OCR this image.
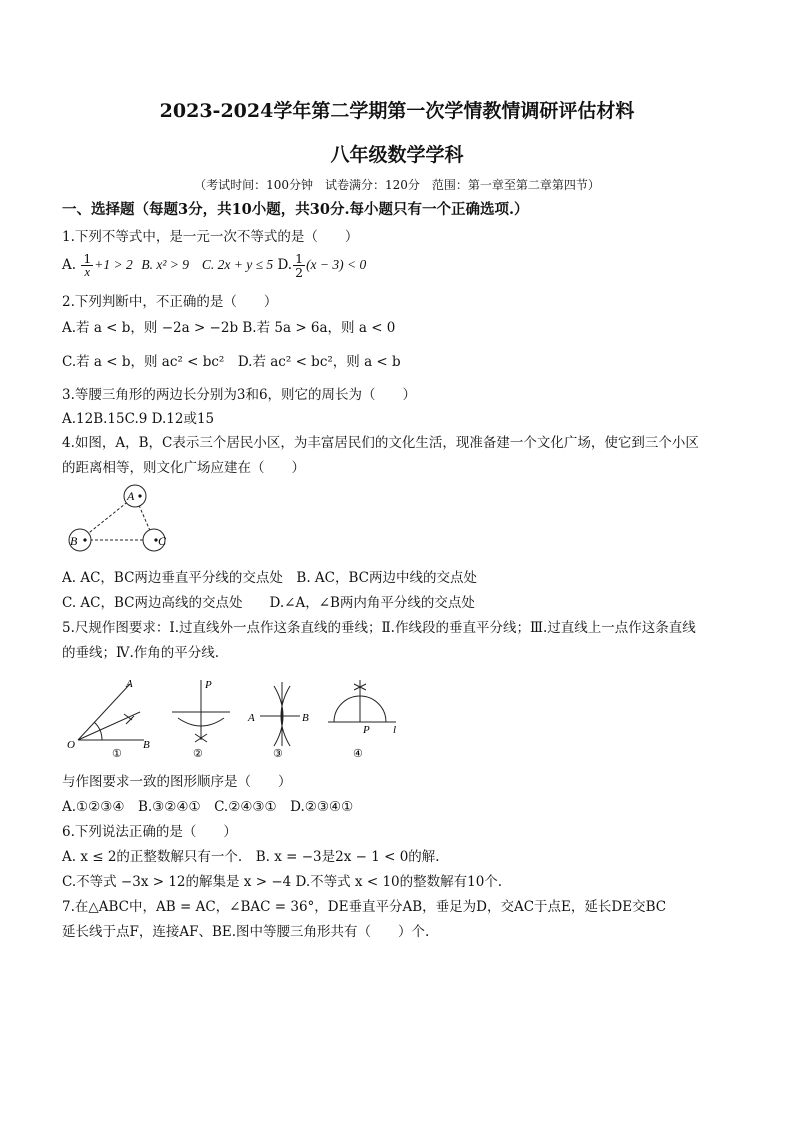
2023-2024学年第二学期第一次学情教情调研评估材料
八年级数学学科
（考试时间：100分钟　试卷满分：120分　范围：第一章至第二章第四节）
一、选择题（每题3分，共10小题，共30分.每小题只有一个正确选项.）
1.下列不等式中，是一元一次不等式的是（　　）
A. $\frac{1}{x} +1 > 2$ B. x² > 9 C. 2x + y ≤ 5 D. $\frac{1}{2} (x - 3) < 0$
2.下列判断中，不正确的是（　　）
A.若 a < b，则 −2a > −2b B.若 5a > 6a，则 a < 0
C.若 a < b，则 ac² < bc²　D.若 ac² < bc²，则 a < b
3.等腰三角形的两边长分别为3和6，则它的周长为（　　）
A.12B.15C.9 D.12或15
4.如图，A，B，C表示三个居民小区，为丰富居民们的文化生活，现准备建一个文化广场，使它到三个小区
的距离相等，则文化广场应建在（　　）
A
B	C
A. AC，BC两边垂直平分线的交点处　B. AC，BC两边中线的交点处
C. AC，BC两边高线的交点处　　D.∠A，∠B两内角平分线的交点处
5.尺规作图要求：Ⅰ.过直线外一点作这条直线的垂线；Ⅱ.作线段的垂直平分线；Ⅲ.过直线上一点作这条直线
的垂线；Ⅳ.作角的平分线.
A
O	B
①
P
②
A	B
③
P l
④
与作图要求一致的图形顺序是（　　）
A.①②③④　B.③②④①　C.②④③①　D.②③④①
6.下列说法正确的是（　　）
A. x ≤ 2的正整数解只有一个.　B. x = −3是2x − 1 < 0的解.
C.不等式 −3x > 12的解集是 x > −4 D.不等式 x < 10的整数解有10个.
7.在△ABC中，AB = AC，∠BAC = 36°，DE垂直平分AB，垂足为D，交AC于点E，延长DE交BC
延长线于点F，连接AF、BE.图中等腰三角形共有（　　）个.
